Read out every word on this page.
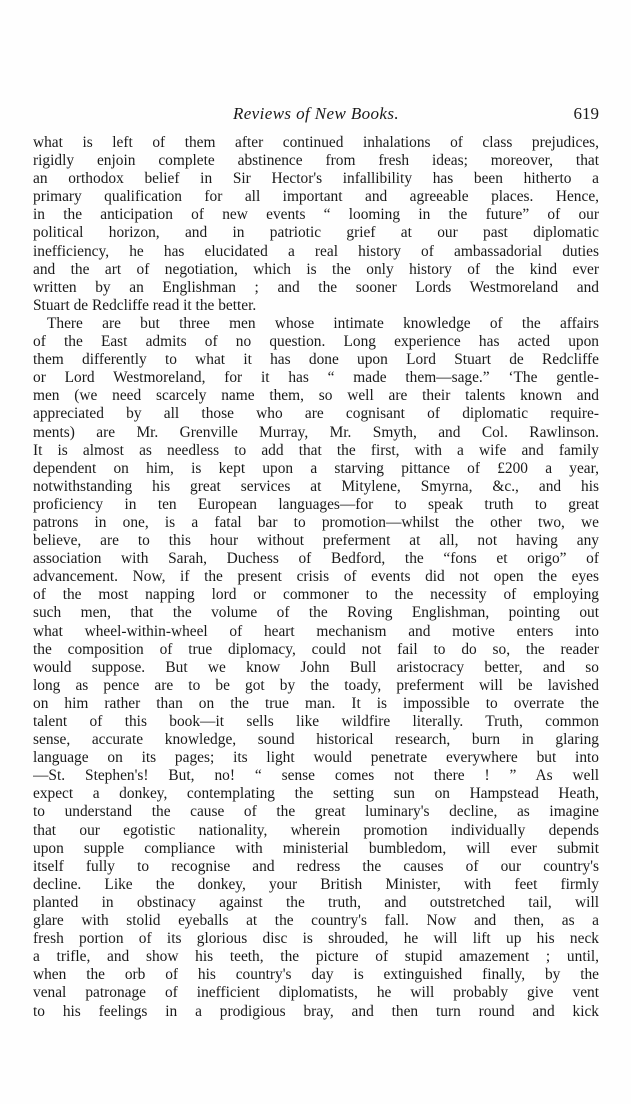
Reviews of New Books.	619
what is left of them after continued inhalations of class prejudices,
rigidly enjoin complete abstinence from fresh ideas; moreover, that
an orthodox belief in Sir Hector's infallibility has been hitherto a
primary qualification for all important and agreeable places. Hence,
in the anticipation of new events “ looming in the future” of our
political horizon, and in patriotic grief at our past diplomatic
inefficiency, he has elucidated a real history of ambassadorial duties
and the art of negotiation, which is the only history of the kind ever
written by an Englishman ; and the sooner Lords Westmoreland and
Stuart de Redcliffe read it the better.
There are but three men whose intimate knowledge of the affairs
of the East admits of no question. Long experience has acted upon
them differently to what it has done upon Lord Stuart de Redcliffe
or Lord Westmoreland, for it has “ made them—sage.” ‘The gentle-
men (we need scarcely name them, so well are their talents known and
appreciated by all those who are cognisant of diplomatic require-
ments) are Mr. Grenville Murray, Mr. Smyth, and Col. Rawlinson.
It is almost as needless to add that the first, with a wife and family
dependent on him, is kept upon a starving pittance of £200 a year,
notwithstanding his great services at Mitylene, Smyrna, &c., and his
proficiency in ten European languages—for to speak truth to great
patrons in one, is a fatal bar to promotion—whilst the other two, we
believe, are to this hour without preferment at all, not having any
association with Sarah, Duchess of Bedford, the “fons et origo” of
advancement. Now, if the present crisis of events did not open the eyes
of the most napping lord or commoner to the necessity of employing
such men, that the volume of the Roving Englishman, pointing out
what wheel-within-wheel of heart mechanism and motive enters into
the composition of true diplomacy, could not fail to do so, the reader
would suppose. But we know John Bull aristocracy better, and so
long as pence are to be got by the toady, preferment will be lavished
on him rather than on the true man. It is impossible to overrate the
talent of this book—it sells like wildfire literally. Truth, common
sense, accurate knowledge, sound historical research, burn in glaring
language on its pages; its light would penetrate everywhere but into
—St. Stephen's! But, no! “ sense comes not there ! ” As well
expect a donkey, contemplating the setting sun on Hampstead Heath,
to understand the cause of the great luminary's decline, as imagine
that our egotistic nationality, wherein promotion individually depends
upon supple compliance with ministerial bumbledom, will ever submit
itself fully to recognise and redress the causes of our country's
decline. Like the donkey, your British Minister, with feet firmly
planted in obstinacy against the truth, and outstretched tail, will
glare with stolid eyeballs at the country's fall. Now and then, as a
fresh portion of its glorious disc is shrouded, he will lift up his neck
a trifle, and show his teeth, the picture of stupid amazement ; until,
when the orb of his country's day is extinguished finally, by the
venal patronage of inefficient diplomatists, he will probably give vent
to his feelings in a prodigious bray, and then turn round and kick
